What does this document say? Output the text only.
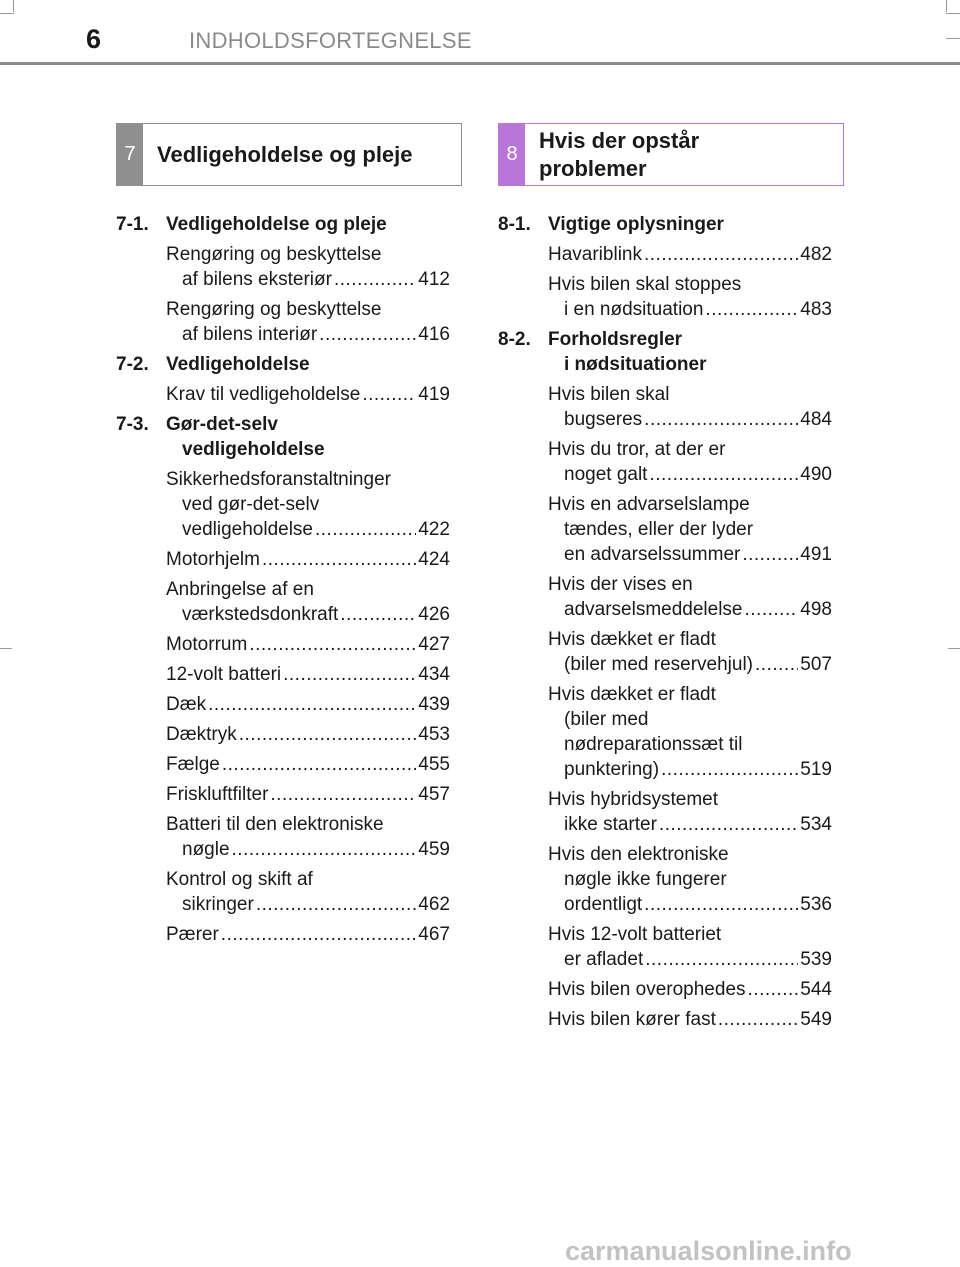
6	INDHOLDSFORTEGNELSE
7 Vedligeholdelse og pleje	8
Hvis der opstår problemer
7-1. Vedligeholdelse og pleje
Rengøring og beskyttelse
af bilens eksteriør .....	412
Rengøring og beskyttelse
af bilens interiør .....	416
7-2. Vedligeholdelse
Krav til vedligeholdelse .....	419
7-3. Gør-det-selv
vedligeholdelse
Sikkerhedsforanstaltninger
ved gør-det-selv
vedligeholdelse .....	422
Motorhjelm .....	424
Anbringelse af en
værkstedsdonkraft .....	426
Motorrum .....	427
12-volt batteri .....	434
Dæk .....	439
Dæktryk .....	453
Fælge .....	455
Friskluftfilter .....	457
Batteri til den elektroniske
nøgle .....	459
Kontrol og skift af
sikringer .....	462
Pærer .....	467
8-1. Vigtige oplysninger
Havariblink .....	482
Hvis bilen skal stoppes
i en nødsituation .....	483
8-2. Forholdsregler
i nødsituationer
Hvis bilen skal
bugseres .....	484
Hvis du tror, at der er
noget galt .....	490
Hvis en advarselslampe
tændes, eller der lyder
en advarselssummer .....	491
Hvis der vises en
advarselsmeddelelse .....	498
Hvis dækket er fladt
(biler med reservehjul) ..... 507
Hvis dækket er fladt
(biler med
nødreparationssæt til
punktering) .....	519
Hvis hybridsystemet
ikke starter .....	534
Hvis den elektroniske
nøgle ikke fungerer
ordentligt .....	536
Hvis 12-volt batteriet
er afladet .....	539
Hvis bilen overophedes .....	544
Hvis bilen kører fast .....	549
carmanualsonline.info
